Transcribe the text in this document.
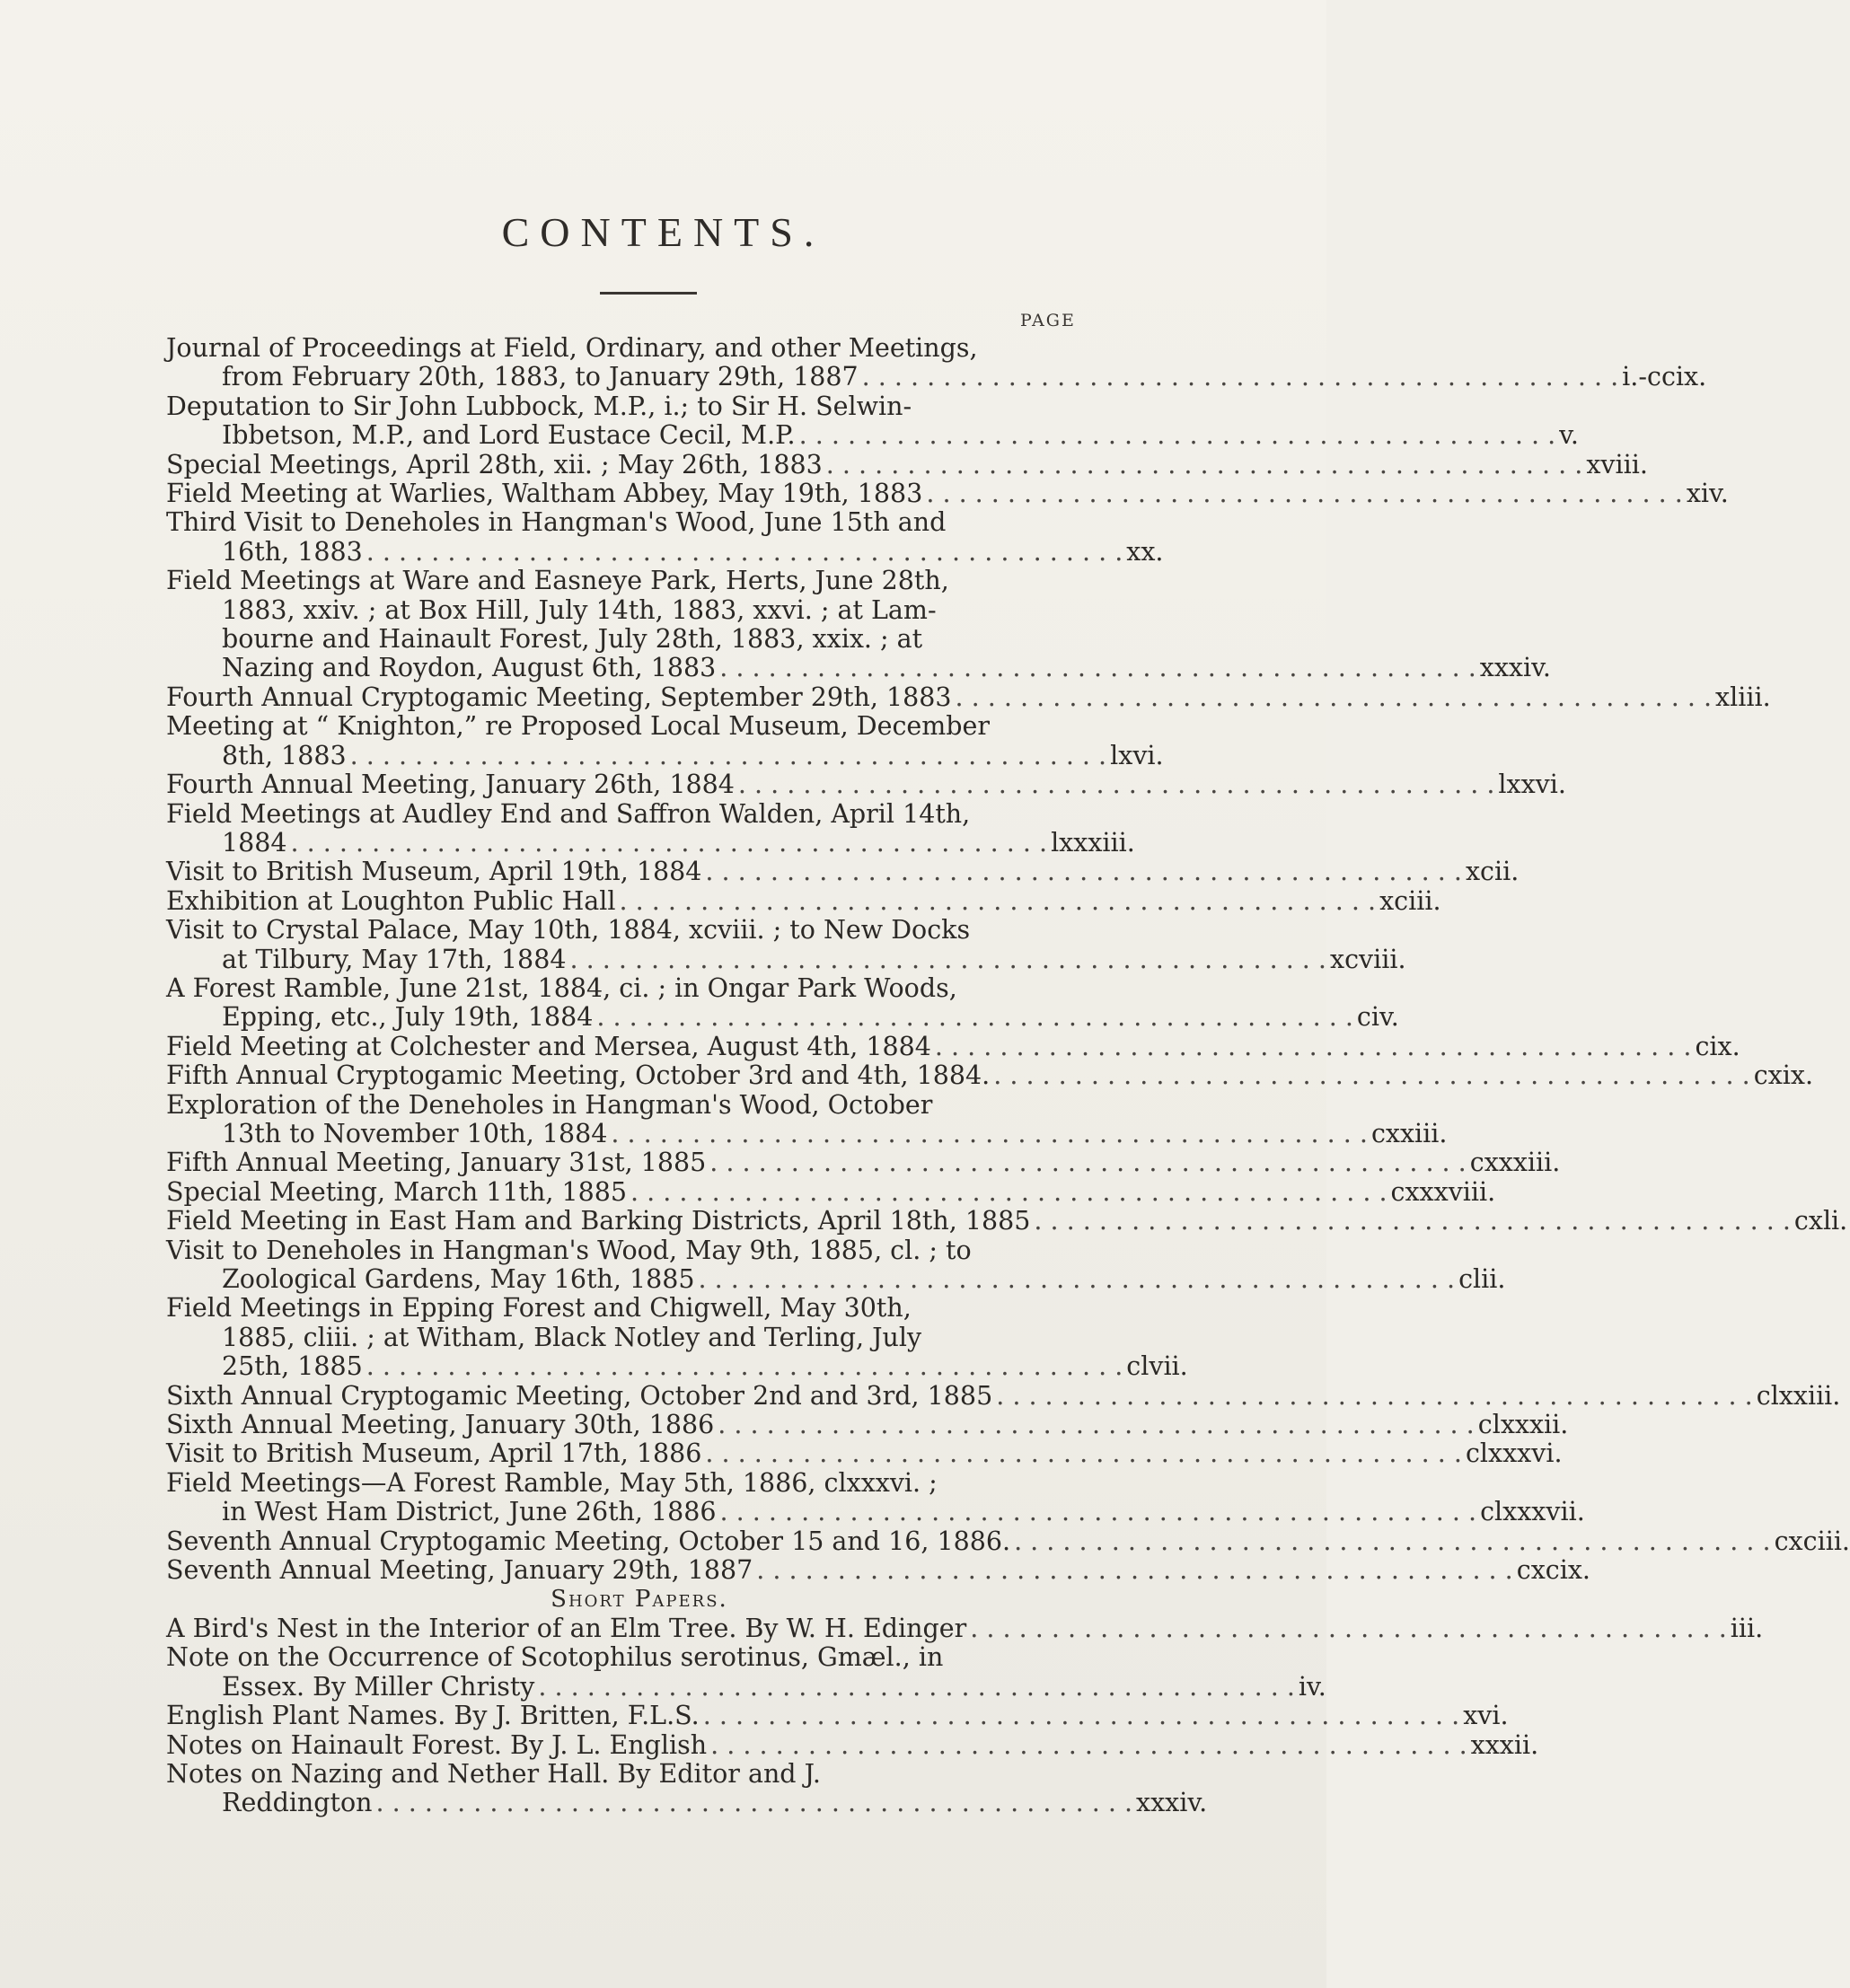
CONTENTS.
PAGE
Journal of Proceedings at Field, Ordinary, and other Meetings,
from February 20th, 1883, to January 29th, 1887 . . . . . . . . . . . . . . . . . . . . . . . . . . . . . . . . . . . . . . . . . . . . . . . i.-ccix.
Deputation to Sir John Lubbock, M.P., i.; to Sir H. Selwin-
Ibbetson, M.P., and Lord Eustace Cecil, M.P. . . . . . . . . . . . . . . . . . . . . . . . . . . . . . . . . . . . . . . . . . . . . . . . v.
Special Meetings, April 28th, xii. ; May 26th, 1883 . . . . . . . . . . . . . . . . . . . . . . . . . . . . . . . . . . . . . . . . . . . . . . . xviii.
Field Meeting at Warlies, Waltham Abbey, May 19th, 1883 . . . . . . . . . . . . . . . . . . . . . . . . . . . . . . . . . . . . . . . . . . . . . . . xiv.
Third Visit to Deneholes in Hangman's Wood, June 15th and
16th, 1883 . . . . . . . . . . . . . . . . . . . . . . . . . . . . . . . . . . . . . . . . . . . . . . . xx.
Field Meetings at Ware and Easneye Park, Herts, June 28th,
1883, xxiv. ; at Box Hill, July 14th, 1883, xxvi. ; at Lam-
bourne and Hainault Forest, July 28th, 1883, xxix. ; at
Nazing and Roydon, August 6th, 1883 . . . . . . . . . . . . . . . . . . . . . . . . . . . . . . . . . . . . . . . . . . . . . . . xxxiv.
Fourth Annual Cryptogamic Meeting, September 29th, 1883 . . . . . . . . . . . . . . . . . . . . . . . . . . . . . . . . . . . . . . . . . . . . . . . xliii.
Meeting at “ Knighton,” re Proposed Local Museum, December
8th, 1883 . . . . . . . . . . . . . . . . . . . . . . . . . . . . . . . . . . . . . . . . . . . . . . . lxvi.
Fourth Annual Meeting, January 26th, 1884 . . . . . . . . . . . . . . . . . . . . . . . . . . . . . . . . . . . . . . . . . . . . . . . lxxvi.
Field Meetings at Audley End and Saffron Walden, April 14th,
1884 . . . . . . . . . . . . . . . . . . . . . . . . . . . . . . . . . . . . . . . . . . . . . . . lxxxiii.
Visit to British Museum, April 19th, 1884 . . . . . . . . . . . . . . . . . . . . . . . . . . . . . . . . . . . . . . . . . . . . . . . xcii.
Exhibition at Loughton Public Hall . . . . . . . . . . . . . . . . . . . . . . . . . . . . . . . . . . . . . . . . . . . . . . . xciii.
Visit to Crystal Palace, May 10th, 1884, xcviii. ; to New Docks
at Tilbury, May 17th, 1884 . . . . . . . . . . . . . . . . . . . . . . . . . . . . . . . . . . . . . . . . . . . . . . . xcviii.
A Forest Ramble, June 21st, 1884, ci. ; in Ongar Park Woods,
Epping, etc., July 19th, 1884 . . . . . . . . . . . . . . . . . . . . . . . . . . . . . . . . . . . . . . . . . . . . . . . civ.
Field Meeting at Colchester and Mersea, August 4th, 1884 . . . . . . . . . . . . . . . . . . . . . . . . . . . . . . . . . . . . . . . . . . . . . . . cix.
Fifth Annual Cryptogamic Meeting, October 3rd and 4th, 1884. . . . . . . . . . . . . . . . . . . . . . . . . . . . . . . . . . . . . . . . . . . . . . . . cxix.
Exploration of the Deneholes in Hangman's Wood, October
13th to November 10th, 1884 . . . . . . . . . . . . . . . . . . . . . . . . . . . . . . . . . . . . . . . . . . . . . . . cxxiii.
Fifth Annual Meeting, January 31st, 1885 . . . . . . . . . . . . . . . . . . . . . . . . . . . . . . . . . . . . . . . . . . . . . . . cxxxiii.
Special Meeting, March 11th, 1885 . . . . . . . . . . . . . . . . . . . . . . . . . . . . . . . . . . . . . . . . . . . . . . . cxxxviii.
Field Meeting in East Ham and Barking Districts, April 18th, 1885 . . . . . . . . . . . . . . . . . . . . . . . . . . . . . . . . . . . . . . . . . . . . . . . cxli.
Visit to Deneholes in Hangman's Wood, May 9th, 1885, cl. ; to
Zoological Gardens, May 16th, 1885 . . . . . . . . . . . . . . . . . . . . . . . . . . . . . . . . . . . . . . . . . . . . . . . clii.
Field Meetings in Epping Forest and Chigwell, May 30th,
1885, cliii. ; at Witham, Black Notley and Terling, July
25th, 1885 . . . . . . . . . . . . . . . . . . . . . . . . . . . . . . . . . . . . . . . . . . . . . . . clvii.
Sixth Annual Cryptogamic Meeting, October 2nd and 3rd, 1885 . . . . . . . . . . . . . . . . . . . . . . . . . . . . . . . . . . . . . . . . . . . . . . . clxxiii.
Sixth Annual Meeting, January 30th, 1886 . . . . . . . . . . . . . . . . . . . . . . . . . . . . . . . . . . . . . . . . . . . . . . . clxxxii.
Visit to British Museum, April 17th, 1886 . . . . . . . . . . . . . . . . . . . . . . . . . . . . . . . . . . . . . . . . . . . . . . . clxxxvi.
Field Meetings—A Forest Ramble, May 5th, 1886, clxxxvi. ;
in West Ham District, June 26th, 1886 . . . . . . . . . . . . . . . . . . . . . . . . . . . . . . . . . . . . . . . . . . . . . . . clxxxvii.
Seventh Annual Cryptogamic Meeting, October 15 and 16, 1886. . . . . . . . . . . . . . . . . . . . . . . . . . . . . . . . . . . . . . . . . . . . . . . . cxciii.
Seventh Annual Meeting, January 29th, 1887 . . . . . . . . . . . . . . . . . . . . . . . . . . . . . . . . . . . . . . . . . . . . . . . cxcix.
Short Papers.
A Bird's Nest in the Interior of an Elm Tree. By W. H. Edinger . . . . . . . . . . . . . . . . . . . . . . . . . . . . . . . . . . . . . . . . . . . . . . . iii.
Note on the Occurrence of Scotophilus serotinus, Gmæl., in
Essex. By Miller Christy . . . . . . . . . . . . . . . . . . . . . . . . . . . . . . . . . . . . . . . . . . . . . . . iv.
English Plant Names. By J. Britten, F.L.S. . . . . . . . . . . . . . . . . . . . . . . . . . . . . . . . . . . . . . . . . . . . . . . . xvi.
Notes on Hainault Forest. By J. L. English . . . . . . . . . . . . . . . . . . . . . . . . . . . . . . . . . . . . . . . . . . . . . . . xxxii.
Notes on Nazing and Nether Hall. By Editor and J.
Reddington . . . . . . . . . . . . . . . . . . . . . . . . . . . . . . . . . . . . . . . . . . . . . . . xxxiv.
